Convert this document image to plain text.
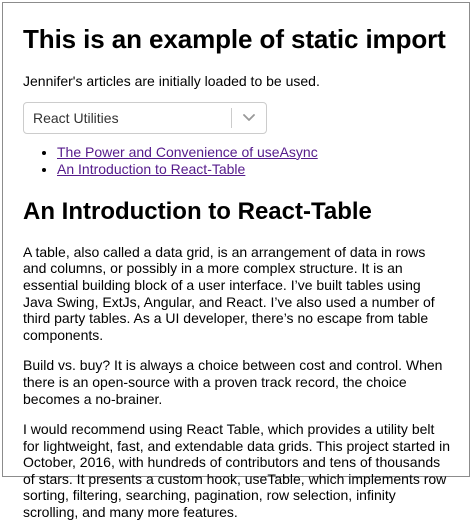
This is an example of static import

Jennifer's articles are initially loaded to be used.

React Utilities
• The Power and Convenience of useAsync
• An Introduction to React-Table
An Introduction to React-Table

A table, also called a data grid, is an arrangement of data in rows and columns, or possibly in a more complex structure. It is an essential building block of a user interface. I’ve built tables using Java Swing, ExtJs, Angular, and React. I’ve also used a number of third party tables. As a UI developer, there’s no escape from table components.

Build vs. buy? It is always a choice between cost and control. When there is an open-source with a proven track record, the choice becomes a no-brainer.

I would recommend using React Table, which provides a utility belt for lightweight, fast, and extendable data grids. This project started in October, 2016, with hundreds of contributors and tens of thousands of stars. It presents a custom hook, useTable, which implements row sorting, filtering, searching, pagination, row selection, infinity scrolling, and many more features.
